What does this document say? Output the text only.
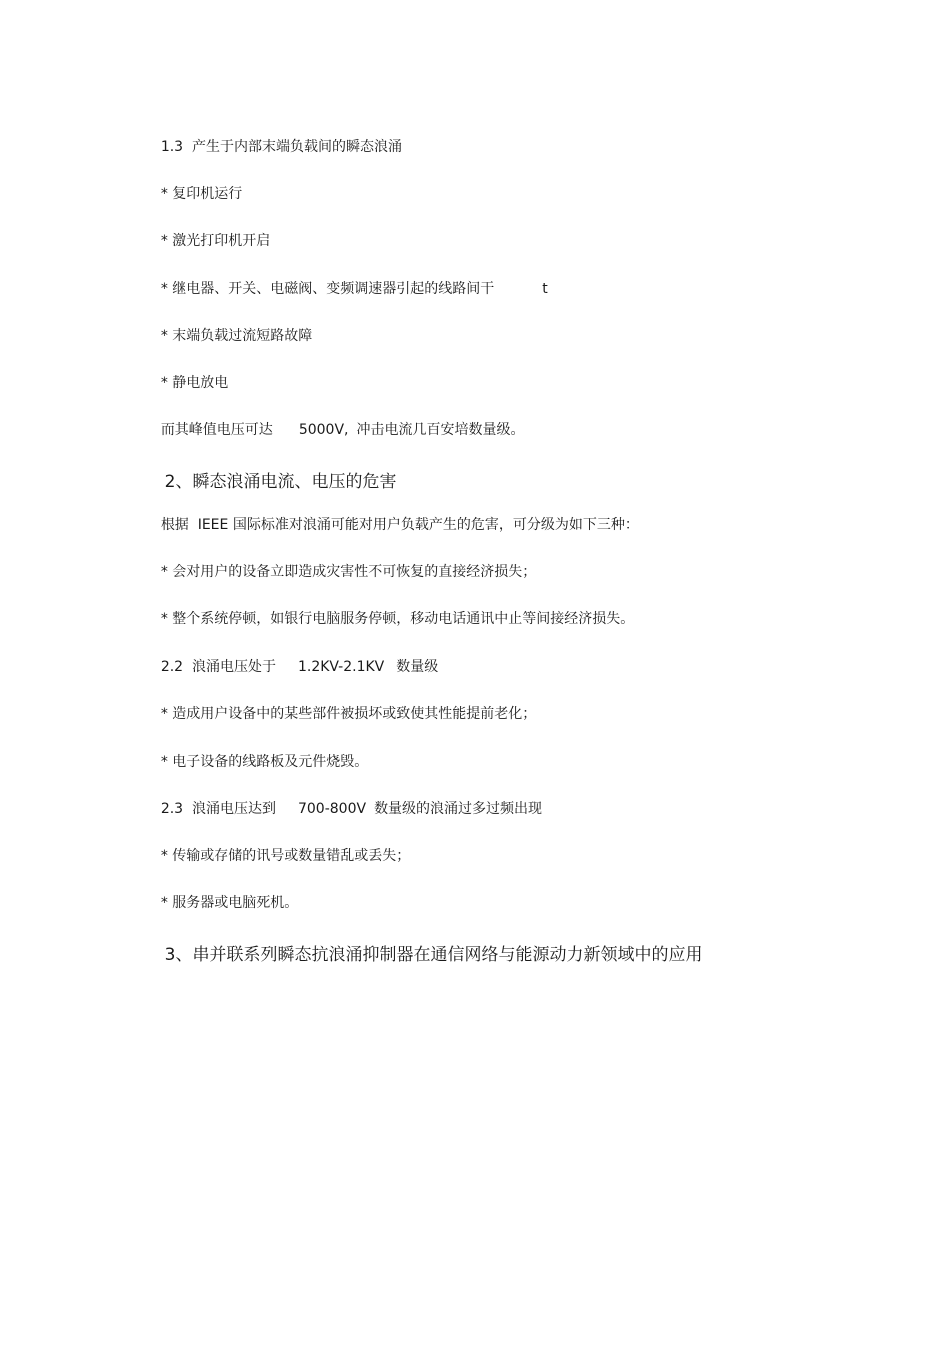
1.3  产生于内部末端负载间的瞬态浪涌

* 复印机运行

* 激光打印机开启

* 继电器、开关、电磁阀、变频调速器引起的线路间干	t

* 末端负载过流短路故障

* 静电放电

而其峰值电压可达 5000V, 冲击电流几百安培数量级。

2、瞬态浪涌电流、电压的危害

根据  IEEE 国际标准对浪涌可能对用户负载产生的危害，可分级为如下三种：

* 会对用户的设备立即造成灾害性不可恢复的直接经济损失；

* 整个系统停顿，如银行电脑服务停顿，移动电话通讯中止等间接经济损失。

2.2  浪涌电压处于 1.2KV-2.1KV 数量级

* 造成用户设备中的某些部件被损坏或致使其性能提前老化；

* 电子设备的线路板及元件烧毁。

2.3  浪涌电压达到 700-800V 数量级的浪涌过多过频出现

* 传输或存储的讯号或数量错乱或丢失；

* 服务器或电脑死机。

3、串并联系列瞬态抗浪涌抑制器在通信网络与能源动力新领域中的应用
